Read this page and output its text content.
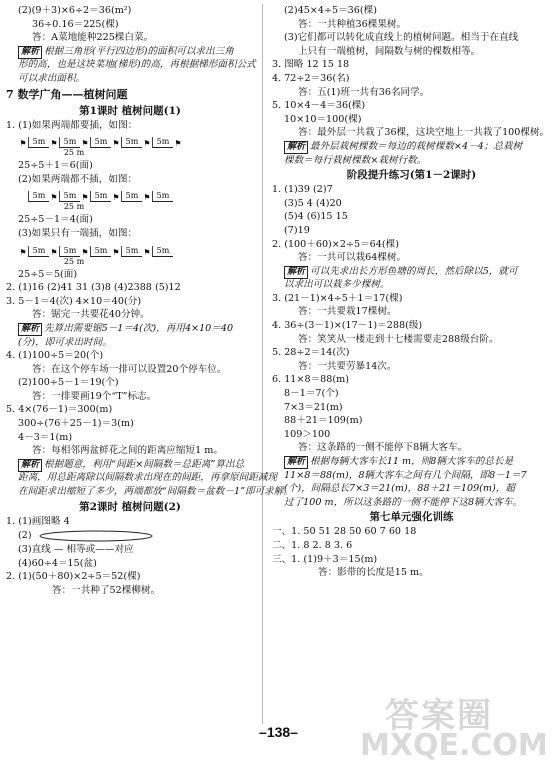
(2)(9＋3)×6÷2＝36(m²)
36÷0.16＝225(棵)
答：A菜地能种225棵白菜。
解析 根据三角形(平行四边形)的面积可以求出三角
形的高，也是这块菜地(梯形)的高，再根据梯形面积公式
可以求出面积。
7 数学广角——植树问题
第1课时 植树问题(1)
1. (1)如果两端都要插，如图：
⚑ 5m ⚑ 5m ⚑ 5m ⚑ 5m ⚑ 5m ⚑
25 m
25÷5＋1＝6(面)
(2)如果两端都不插，如图：
5m ⚑ 5m ⚑ 5m ⚑ 5m ⚑ 5m
25 m
25÷5－1＝4(面)
(3)如果只有一端插，如图：
⚑ 5m ⚑ 5m ⚑ 5m ⚑ 5m ⚑ 5m
25 m
25÷5＝5(面)
2. (1)16 (2)41 31 (3)8 (4)2388 (5)12
3. 5－1＝4(次) 4×10＝40(分)
答：锯完一共要花40分钟。
解析 先算出需要锯5－1＝4(次)，再用4×10＝40
(分)，即可求出时间。
4. (1)100÷5＝20(个)
答：在这个停车场一排可以设置20个停车位。
(2)100÷5－1＝19(个)
答：一排要画19个“T”标志。
5. 4×(76－1)＝300(m)
300÷(76＋25－1)＝3(m)
4－3＝1(m)
答：每相邻两盆鲜花之间的距离应缩短1 m。
解析 根据题意，利用“间距×间隔数＝总距离”算出总
距离，用总距离除以间隔数求出现在的间距，再拿原间距减现
在间距求出缩短了多少，两端都放“间隔数＝盆数－1”即可求解。
第2课时 植树问题(2)
1. (1)画图略 4
(2)
(3)直线 — 相等或——对应
(4)60÷4＝15(盆)
2. (1)(50＋80)×2÷5＝52(棵)
答：一共种了52棵柳树。
(2)45×4÷5＝36(棵)
答：一共种植36棵果树。
(3)它们都可以转化成直线上的植树问题。相当于在直线
上只有一端植树，间隔数与树的棵数相等。
3. 图略 12 15 18
4. 72÷2＝36(名)
答：五(1)班一共有36名同学。
5. 10×4－4＝36(棵)
10×10＝100(棵)
答：最外层一共栽了36棵，这块空地上一共栽了100棵树。
解析 最外层栽树棵数＝每边的栽树棵数×4－4；总栽树
棵数＝每行栽树棵数×栽树行数。
阶段提升练习(第1－2课时)
1. (1)39 (2)7
(3)5 4 (4)20
(5)4 (6)15 15
(7)19
2. (100＋60)×2÷5＝64(棵)
答：一共可以栽64棵树。
解析 可以先求出长方形鱼塘的周长，然后除以5，就可
以求出可以栽多少棵树。
3. (21－1)×4÷5＋1＝17(棵)
答：一共要栽17棵树。
4. 36÷(3－1)×(17－1)＝288(级)
答：笑笑从一楼走到十七楼需要走288级台阶。
5. 28÷2＝14(次)
答：一共要劳暴14次。
6. 11×8＝88(m)
8－1＝7(个)
7×3＝21(m)
88＋21＝109(m)
109＞100
答：这条路的一侧不能停下8辆大客车。
解析 根据每辆大客车长11 m，则8辆大客车的总长是
11×8＝88(m)，8辆大客车之间有几个间隔，即8－1＝7
(个)，间隔总长7×3＝21(m)，88＋21＝109(m)，超
过了100 m，所以这条路的一侧不能停下这8辆大客车。
第七单元强化训练
一、1. 50 51 28 50 60 7 60 18
二、1. 8 2. 8 3. 6
三、1. (1)9＋3＝15(m)
答：影带的长度是15 m。
–138–	答案圈
MXQE.COM
